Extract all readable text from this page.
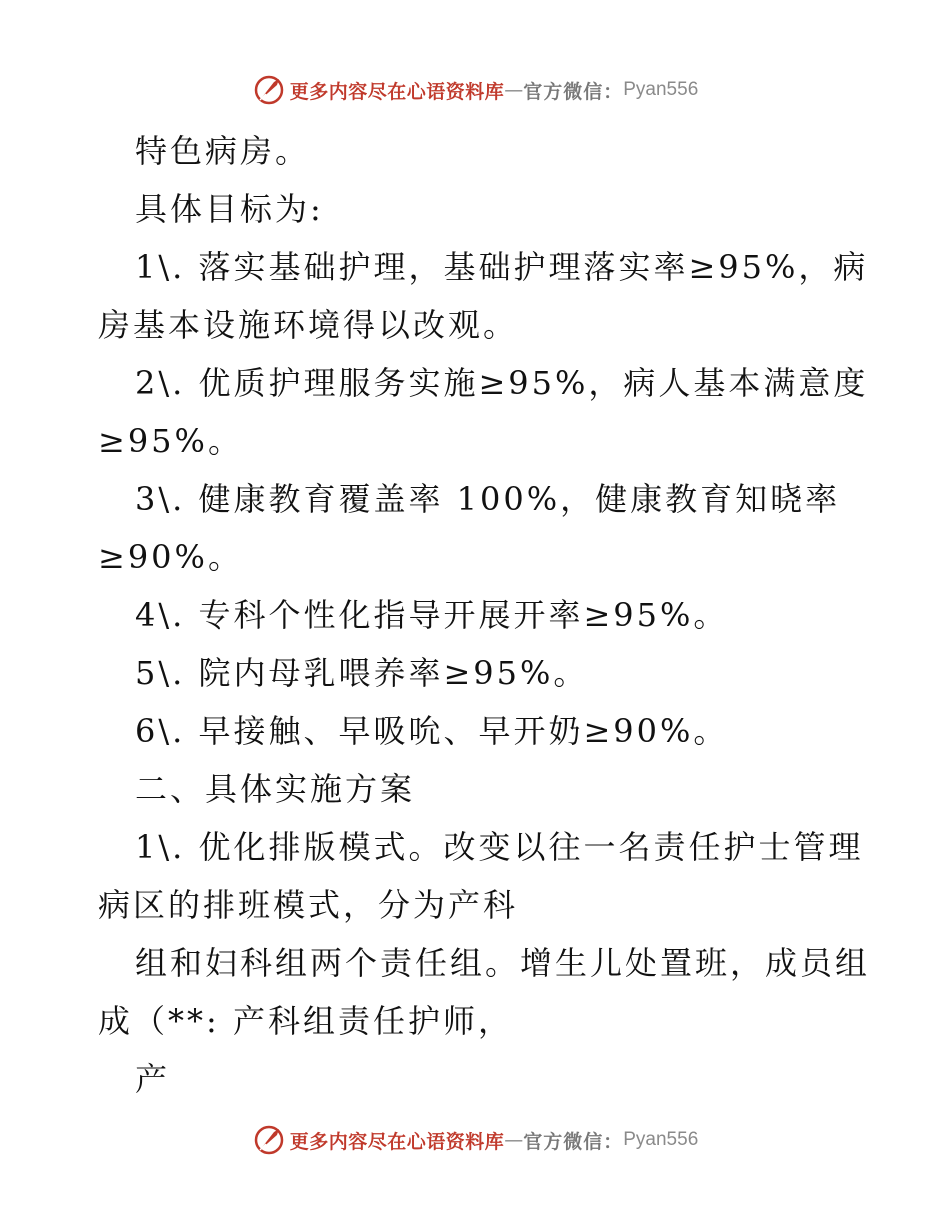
更多内容尽在心语资料库 — 官方微信： Pyan556

特色病房。

具体目标为:

1\. 落实基础护理，基础护理落实率≥95%，病

房基本设施环境得以改观。

2\. 优质护理服务实施≥95%，病人基本满意度

≥95%。

3\. 健康教育覆盖率 100%，健康教育知晓率

≥90%。

4\. 专科个性化指导开展开率≥95%。

5\. 院内母乳喂养率≥95%。

6\. 早接触、早吸吮、早开奶≥90%。

二、具体实施方案

1\. 优化排版模式。改变以往一名责任护士管理

病区的排班模式，分为产科

组和妇科组两个责任组。增生儿处置班，成员组

成（**: 产科组责任护师，

产

更多内容尽在心语资料库 — 官方微信： Pyan556
